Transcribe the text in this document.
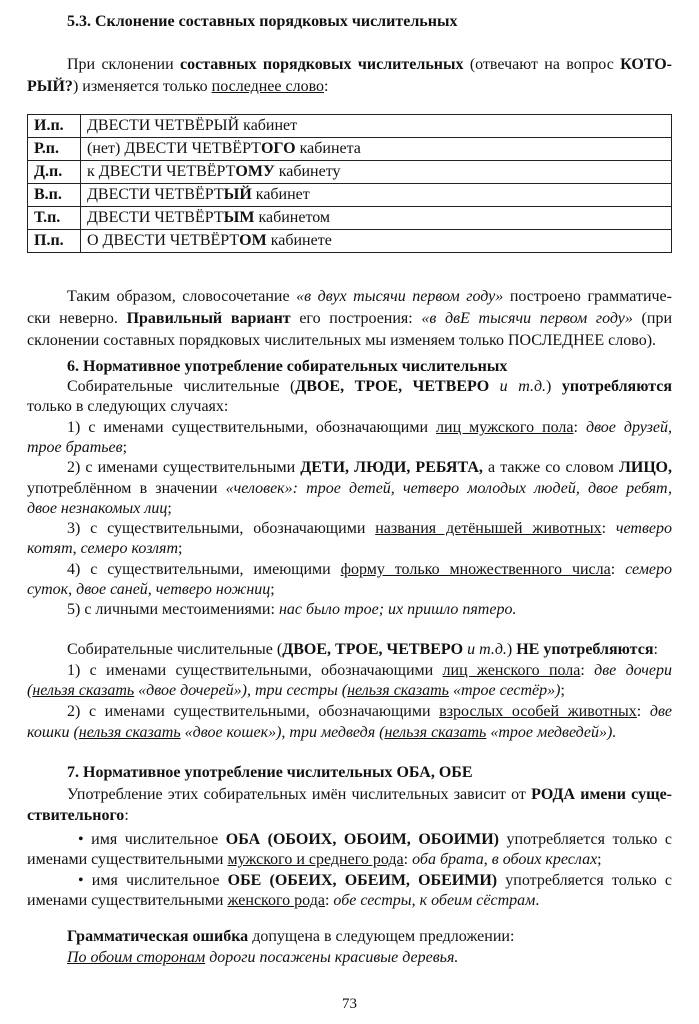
5.3. Склонение составных порядковых числительных
При склонении составных порядковых числительных (отвечают на вопрос КОТО-
РЫЙ?) изменяется только последнее слово:
Таким образом, словосочетание «в двух тысячи первом году» построено грамматиче-
ски неверно. Правильный вариант его построения: «в двЕ тысячи первом году» (при
склонении составных порядковых числительных мы изменяем только ПОСЛЕДНЕЕ слово).
6. Нормативное употребление собирательных числительных
Собирательные числительные (ДВОЕ, ТРОЕ, ЧЕТВЕРО и т.д.) употребляются
только в следующих случаях:
1) с именами существительными, обозначающими лиц мужского пола: двое друзей,
трое братьев;
2) с именами существительными ДЕТИ, ЛЮДИ, РЕБЯТА, а также со словом ЛИЦО,
употреблённом в значении «человек»: трое детей, четверо молодых людей, двое ребят,
двое незнакомых лиц;
3) с существительными, обозначающими названия детёнышей животных: четверо
котят, семеро козлят;
4) с существительными, имеющими форму только множественного числа: семеро
суток, двое саней, четверо ножниц;
5) с личными местоимениями: нас было трое; их пришло пятеро.
Собирательные числительные (ДВОЕ, ТРОЕ, ЧЕТВЕРО и т.д.) НЕ употребляются:
1) с именами существительными, обозначающими лиц женского пола: две дочери
(нельзя сказать «двое дочерей»), три сестры (нельзя сказать «трое сестёр»);
2) с именами существительными, обозначающими взрослых особей животных: две
кошки (нельзя сказать «двое кошек»), три медведя (нельзя сказать «трое медведей»).
7. Нормативное употребление числительных ОБА, ОБЕ
Употребление этих собирательных имён числительных зависит от РОДА имени суще-
ствительного:
• имя числительное ОБА (ОБОИХ, ОБОИМ, ОБОИМИ) употребляется только с
именами существительными мужского и среднего рода: оба брата, в обоих креслах;
• имя числительное ОБЕ (ОБЕИХ, ОБЕИМ, ОБЕИМИ) употребляется только с
именами существительными женского рода: обе сестры, к обеим сёстрам.
Грамматическая ошибка допущена в следующем предложении:
По обоим сторонам дороги посажены красивые деревья.
И.п.	ДВЕСТИ ЧЕТВЁРЫЙ кабинет
Р.п.	(нет) ДВЕСТИ ЧЕТВЁРТОГО кабинета
Д.п.	к ДВЕСТИ ЧЕТВЁРТОМУ кабинету
В.п.	ДВЕСТИ ЧЕТВЁРТЫЙ кабинет
Т.п.	ДВЕСТИ ЧЕТВЁРТЫМ кабинетом
П.п.	О ДВЕСТИ ЧЕТВЁРТОМ кабинете
73
